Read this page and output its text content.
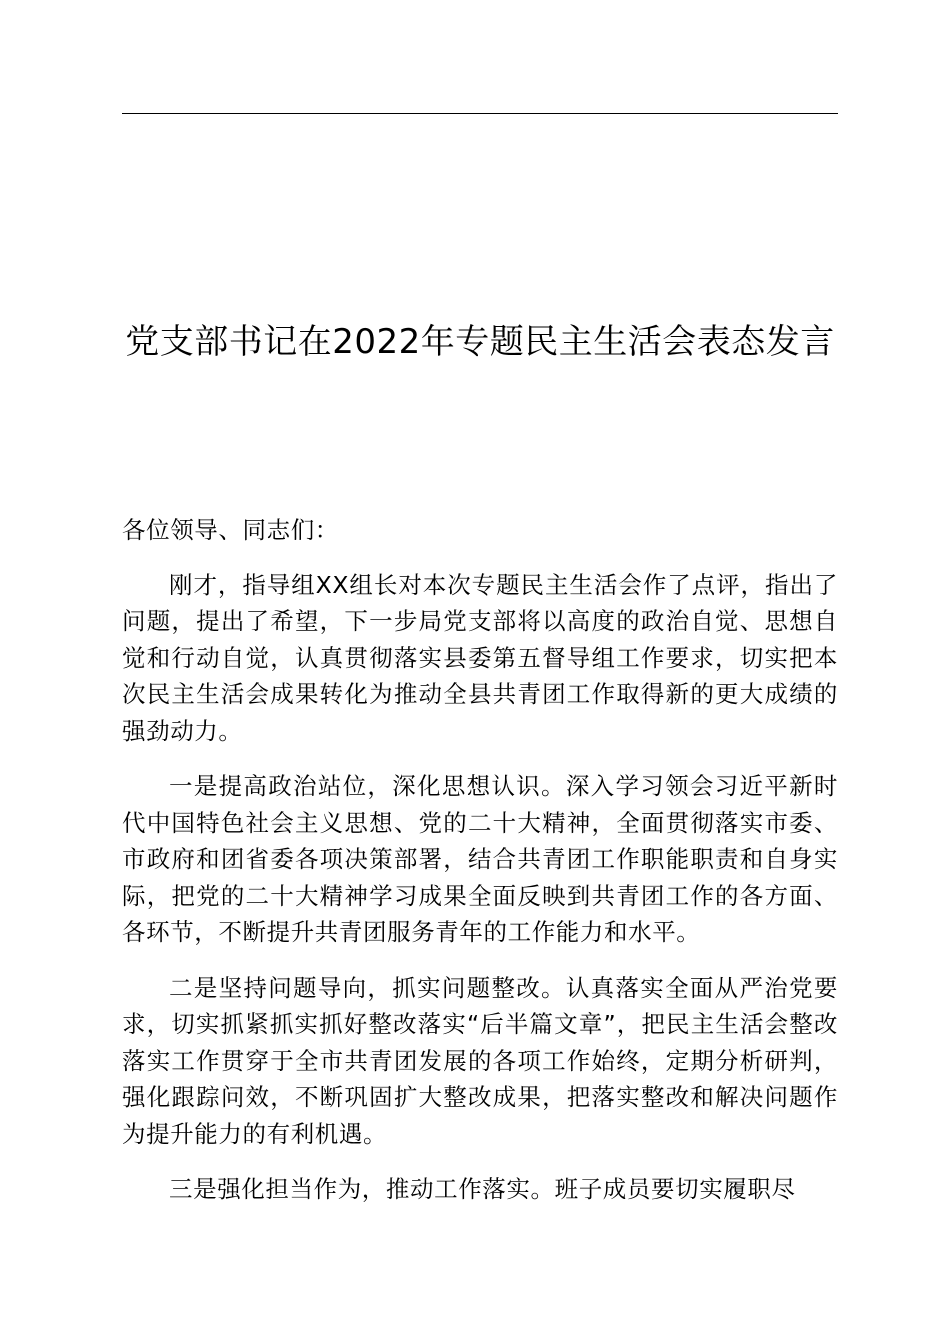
党支部书记在2022年专题民主生活会表态发言

各位领导、同志们：

刚才，指导组XX组长对本次专题民主生活会作了点评，指出了问题，提出了希望，下一步局党支部将以高度的政治自觉、思想自觉和行动自觉，认真贯彻落实县委第五督导组工作要求，切实把本次民主生活会成果转化为推动全县共青团工作取得新的更大成绩的强劲动力。

一是提高政治站位，深化思想认识。深入学习领会习近平新时代中国特色社会主义思想、党的二十大精神，全面贯彻落实市委、市政府和团省委各项决策部署，结合共青团工作职能职责和自身实际，把党的二十大精神学习成果全面反映到共青团工作的各方面、各环节，不断提升共青团服务青年的工作能力和水平。

二是坚持问题导向，抓实问题整改。认真落实全面从严治党要求，切实抓紧抓实抓好整改落实“后半篇文章”，把民主生活会整改落实工作贯穿于全市共青团发展的各项工作始终，定期分析研判，强化跟踪问效，不断巩固扩大整改成果，把落实整改和解决问题作为提升能力的有利机遇。

三是强化担当作为，推动工作落实。班子成员要切实履职尽
